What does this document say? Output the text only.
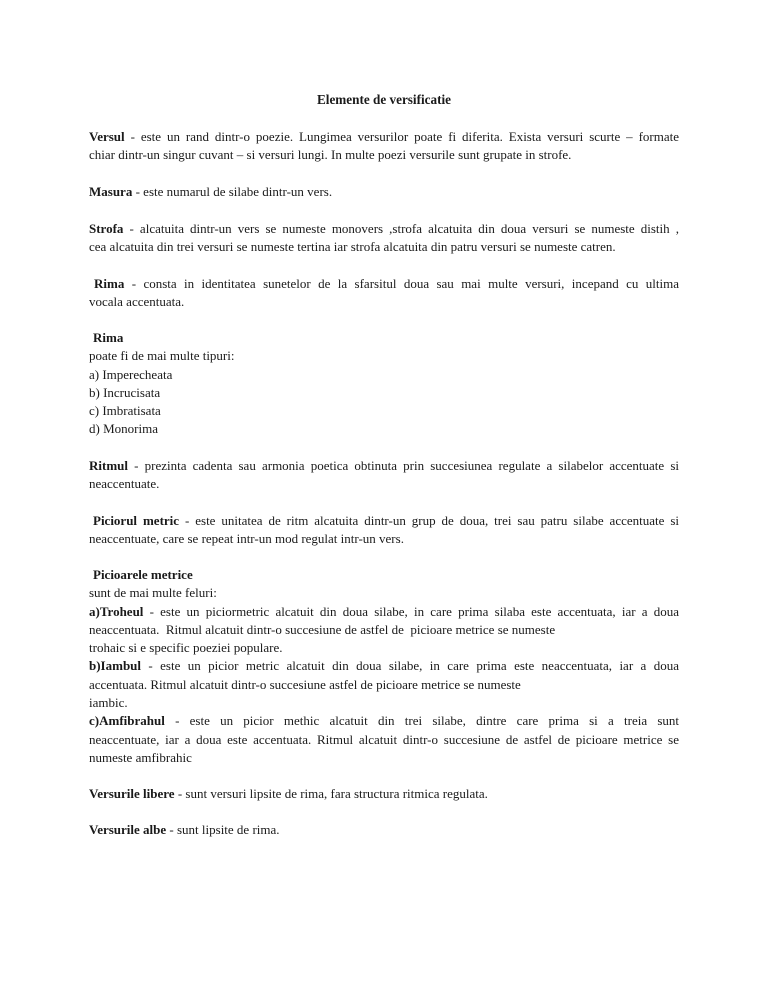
Elemente de versificatie
Versul - este un rand dintr-o poezie. Lungimea versurilor poate fi diferita. Exista versuri scurte – formate
chiar dintr-un singur cuvant – si versuri lungi. In multe poezi versurile sunt grupate in strofe.
Masura - este numarul de silabe dintr-un vers.
Strofa - alcatuita dintr-un vers se numeste monovers ,strofa alcatuita din doua versuri se numeste distih ,
cea alcatuita din trei versuri se numeste tertina iar strofa alcatuita din patru versuri se numeste catren.
Rima - consta in identitatea sunetelor de la sfarsitul doua sau mai multe versuri, incepand cu ultima
vocala accentuata.
Rima
poate fi de mai multe tipuri:
a) Imperecheata
b) Incrucisata
c) Imbratisata
d) Monorima
Ritmul - prezinta cadenta sau armonia poetica obtinuta prin succesiunea regulate a silabelor accentuate si
neaccentuate.
Piciorul metric - este unitatea de ritm alcatuita dintr-un grup de doua, trei sau patru silabe accentuate si
neaccentuate, care se repeat intr-un mod regulat intr-un vers.
Picioarele metrice
sunt de mai multe feluri:
a)Troheul - este un piciormetric alcatuit din doua silabe, in care prima silaba este accentuata, iar a doua
neaccentuata.  Ritmul alcatuit dintr-o succesiune de astfel de  picioare metrice se numeste
trohaic si e specific poeziei populare.
b)Iambul - este un picior metric alcatuit din doua silabe, in care prima este neaccentuata, iar a doua
accentuata. Ritmul alcatuit dintr-o succesiune astfel de picioare metrice se numeste
iambic.
c)Amfibrahul - este un picior methic alcatuit din trei silabe, dintre care prima si a treia sunt
neaccentuate, iar a doua este accentuata. Ritmul alcatuit dintr-o succesiune de astfel de picioare metrice se
numeste amfibrahic
Versurile libere - sunt versuri lipsite de rima, fara structura ritmica regulata.
Versurile albe - sunt lipsite de rima.
